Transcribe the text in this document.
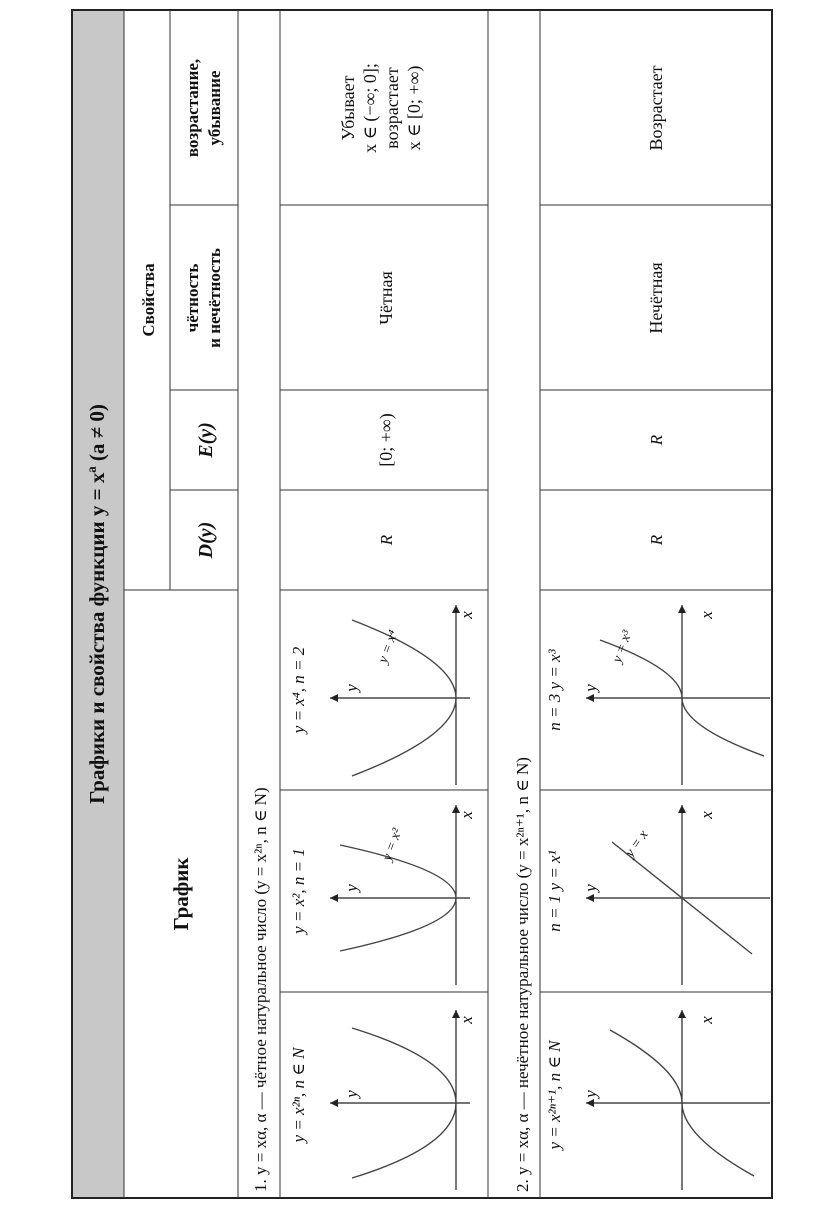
Графики и свойства функции y = xª (a ≠ 0)
График
Свойства
D(y)
E(y)
чётность и нечётность
возрастание, убывание
1. y = xα, α — чётное натуральное число (y = x²ⁿ, n ∈ N) y = x²ⁿ, n ∈ N
y = x², n = 1
y = x⁴, n = 2
R
[0; +∞)
Чётная
Убывает x ∈ (−∞; 0]; возрастает x ∈ [0; +∞)
2. y = xα, α — нечётное натуральное число (y = x²ⁿ⁺¹, n ∈ N) y = x²ⁿ⁺¹, n ∈ N
n = 1 y = x¹
n = 3 y = x³
R
R
Нечётная
Возрастает
y
x
y
x
y = x²
y
x
y = x⁴
y
x
y
x
y = x
y
x
y = x³
